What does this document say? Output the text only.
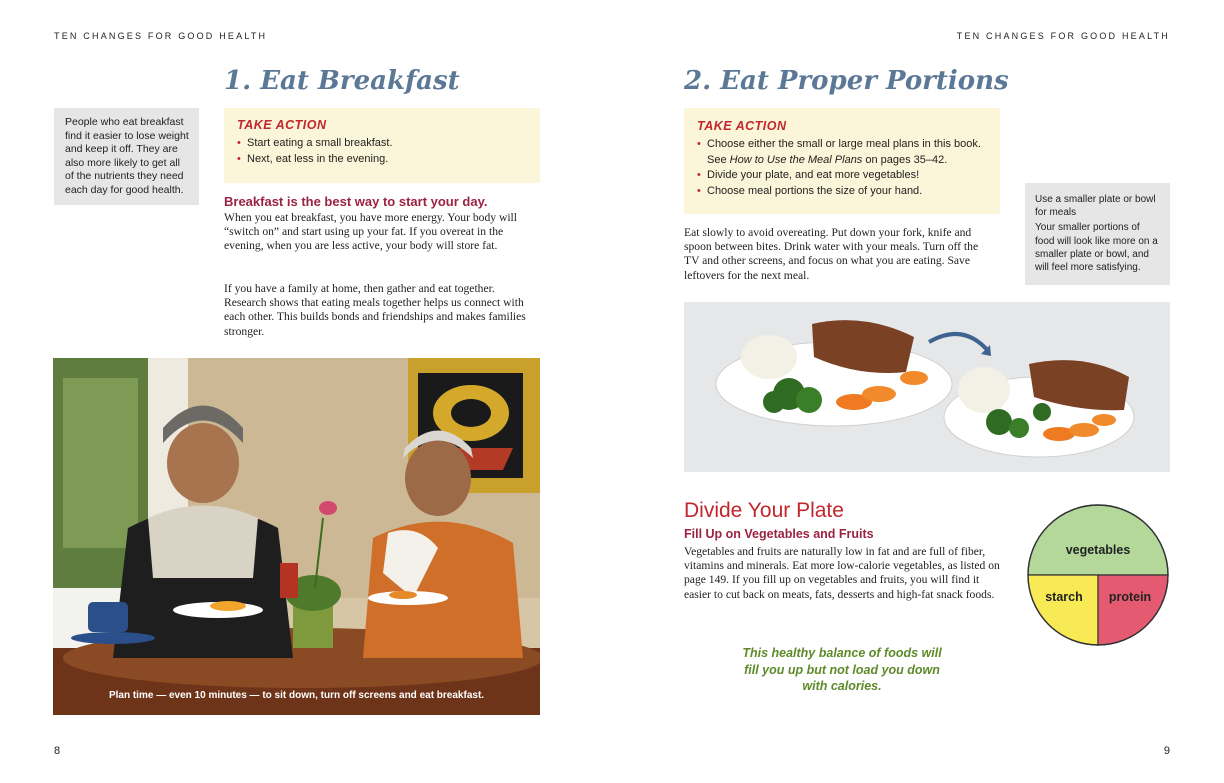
TEN CHANGES FOR GOOD HEALTH	TEN CHANGES FOR GOOD HEALTH
1. Eat Breakfast
People who eat breakfast find it easier to lose weight and keep it off. They are also more likely to get all of the nutrients they need each day for good health.
TAKE ACTION
• Start eating a small breakfast.
• Next, eat less in the evening.
Breakfast is the best way to start your day.
When you eat breakfast, you have more energy. Your body will “switch on” and start using up your fat. If you overeat in the evening, when you are less active, your body will store fat.
If you have a family at home, then gather and eat together. Research shows that eating meals together helps us connect with each other. This builds bonds and friendships and makes families stronger.
Plan time — even 10 minutes — to sit down, turn off screens and eat breakfast.
8
2. Eat Proper Portions
TAKE ACTION
• Choose either the small or large meal plans in this book. See How to Use the Meal Plans on pages 35–42.
• Divide your plate, and eat more vegetables!
• Choose meal portions the size of your hand.
Use a smaller plate or bowl for meals
Your smaller portions of food will look like more on a smaller plate or bowl, and will feel more satisfying.
Eat slowly to avoid overeating. Put down your fork, knife and spoon between bites. Drink water with your meals. Turn off the TV and other screens, and focus on what you are eating. Save leftovers for the next meal.
Divide Your Plate
Fill Up on Vegetables and Fruits
Vegetables and fruits are naturally low in fat and are full of fiber, vitamins and minerals. Eat more low-calorie vegetables, as listed on page 149. If you fill up on vegetables and fruits, you will find it easier to cut back on meats, fats, desserts and high-fat snack foods.
This healthy balance of foods will fill you up but not load you down with calories.
vegetables
starch protein
9
